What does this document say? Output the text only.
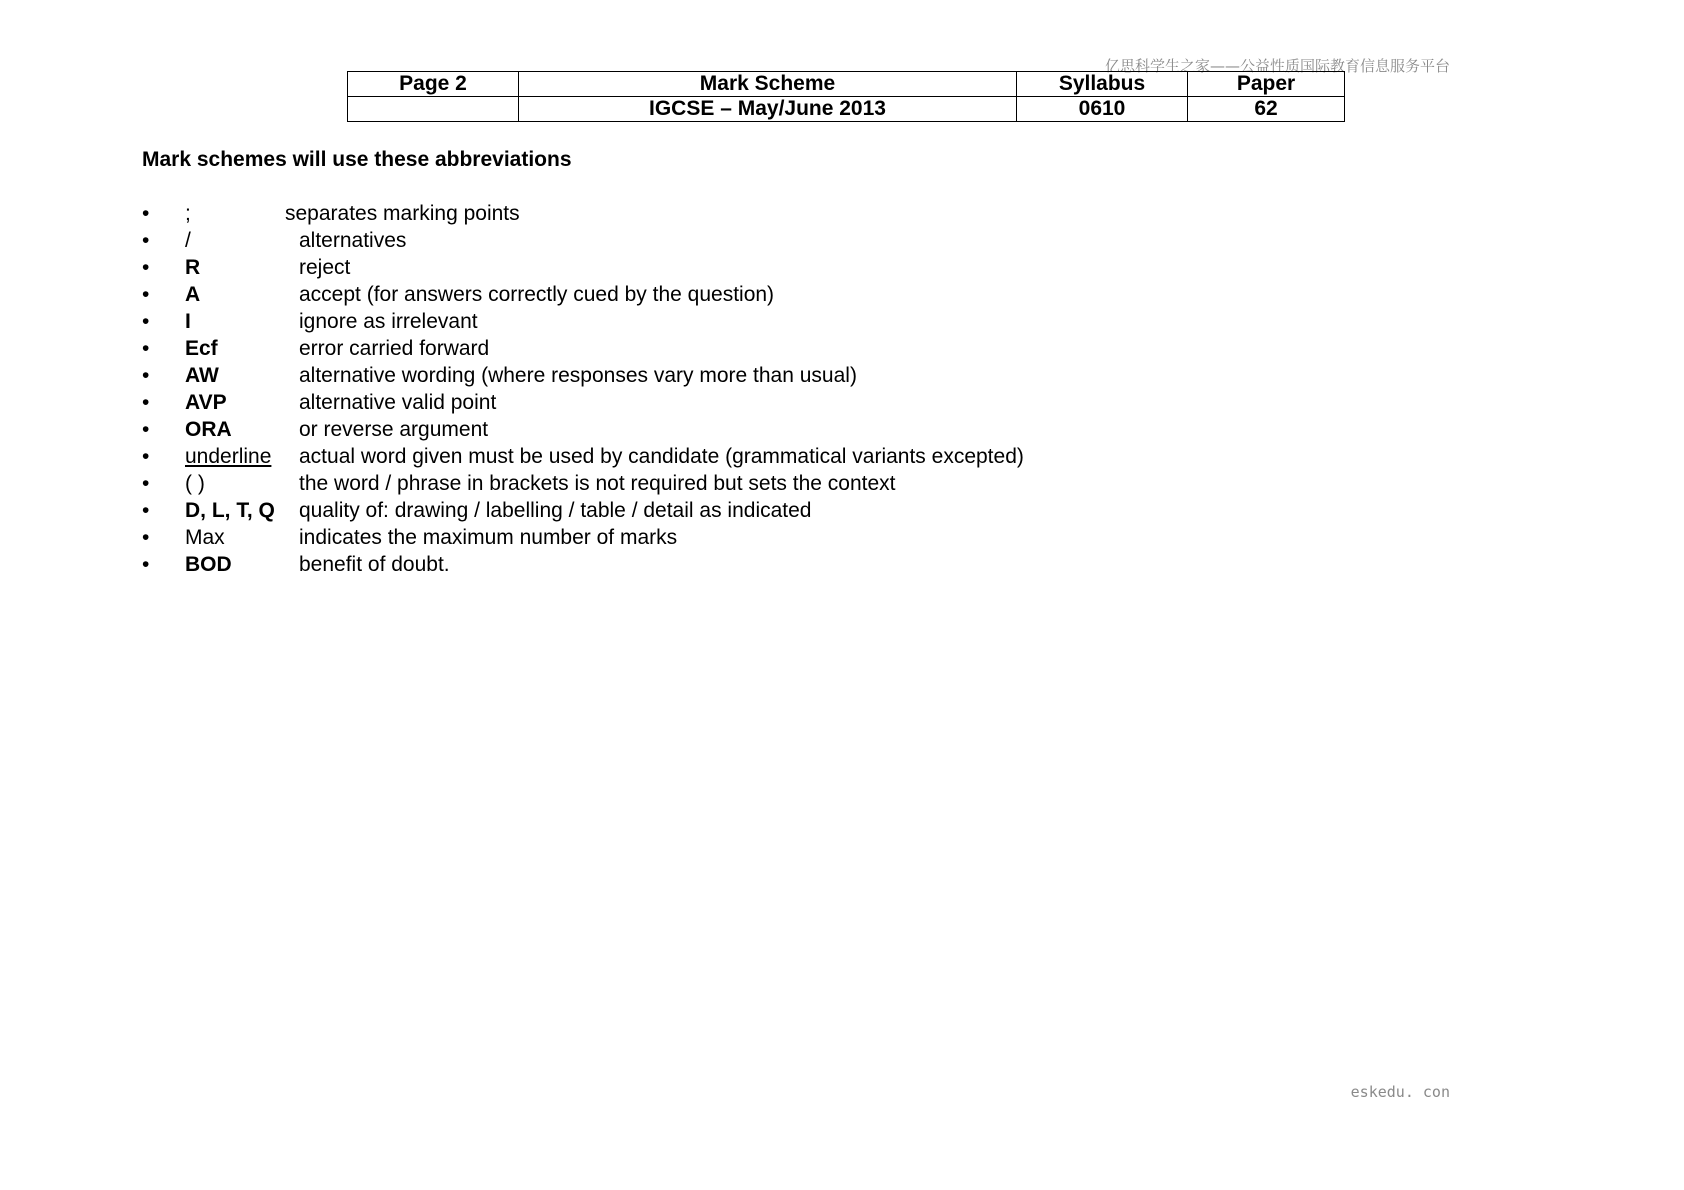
亿思科学生之家——公益性质国际教育信息服务平台
Page 2	Mark Scheme	Syllabus	Paper
	IGCSE – May/June 2013	0610	62
Mark schemes will use these abbreviations
• ;	separates marking points
• /	alternatives
• R	reject
• A	accept (for answers correctly cued by the question)
• I	ignore as irrelevant
• Ecf	error carried forward
• AW	alternative wording (where responses vary more than usual)
• AVP	alternative valid point
• ORA	or reverse argument
• underline actual word given must be used by candidate (grammatical variants excepted)
• ( )	the word / phrase in brackets is not required but sets the context
• D, L, T, Q quality of: drawing / labelling / table / detail as indicated
• Max	indicates the maximum number of marks
• BOD	benefit of doubt.
eskedu. con
